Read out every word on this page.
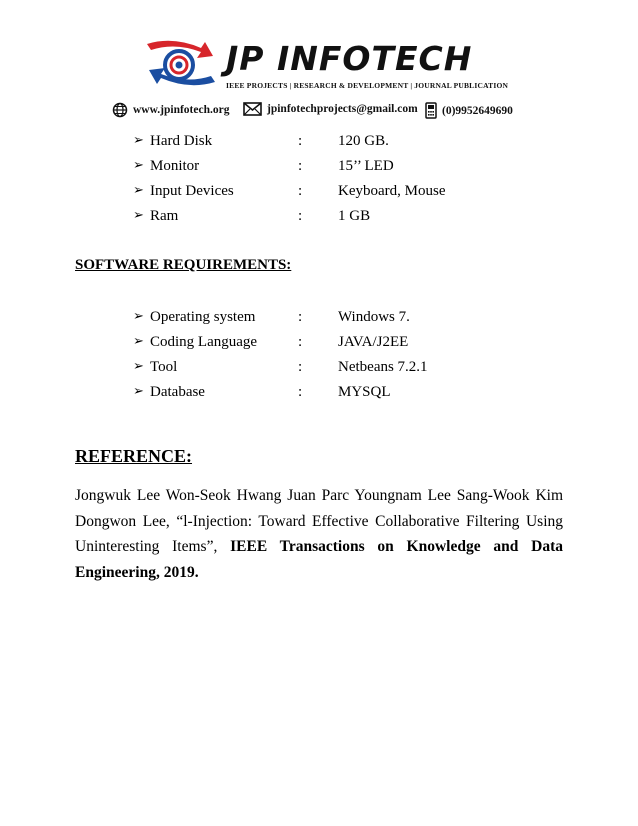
JP INFOTECH
IEEE PROJECTS | RESEARCH & DEVELOPMENT | JOURNAL PUBLICATION
www.jpinfotech.org	jpinfotechprojects@gmail.com (0)9952649690
➢ Hard Disk	: 120 GB.
➢ Monitor	: 15’’ LED
➢ Input Devices	: Keyboard, Mouse
➢ Ram	: 1 GB
SOFTWARE REQUIREMENTS:
➢ Operating system	: Windows 7.
➢ Coding Language	: JAVA/J2EE
➢ Tool	: Netbeans 7.2.1
➢ Database	: MYSQL
REFERENCE:
Jongwuk Lee Won-Seok Hwang Juan Parc Youngnam Lee Sang-Wook Kim Dongwon Lee, “l-Injection: Toward Effective Collaborative Filtering Using Uninteresting Items”, IEEE Transactions on Knowledge and Data Engineering, 2019.
